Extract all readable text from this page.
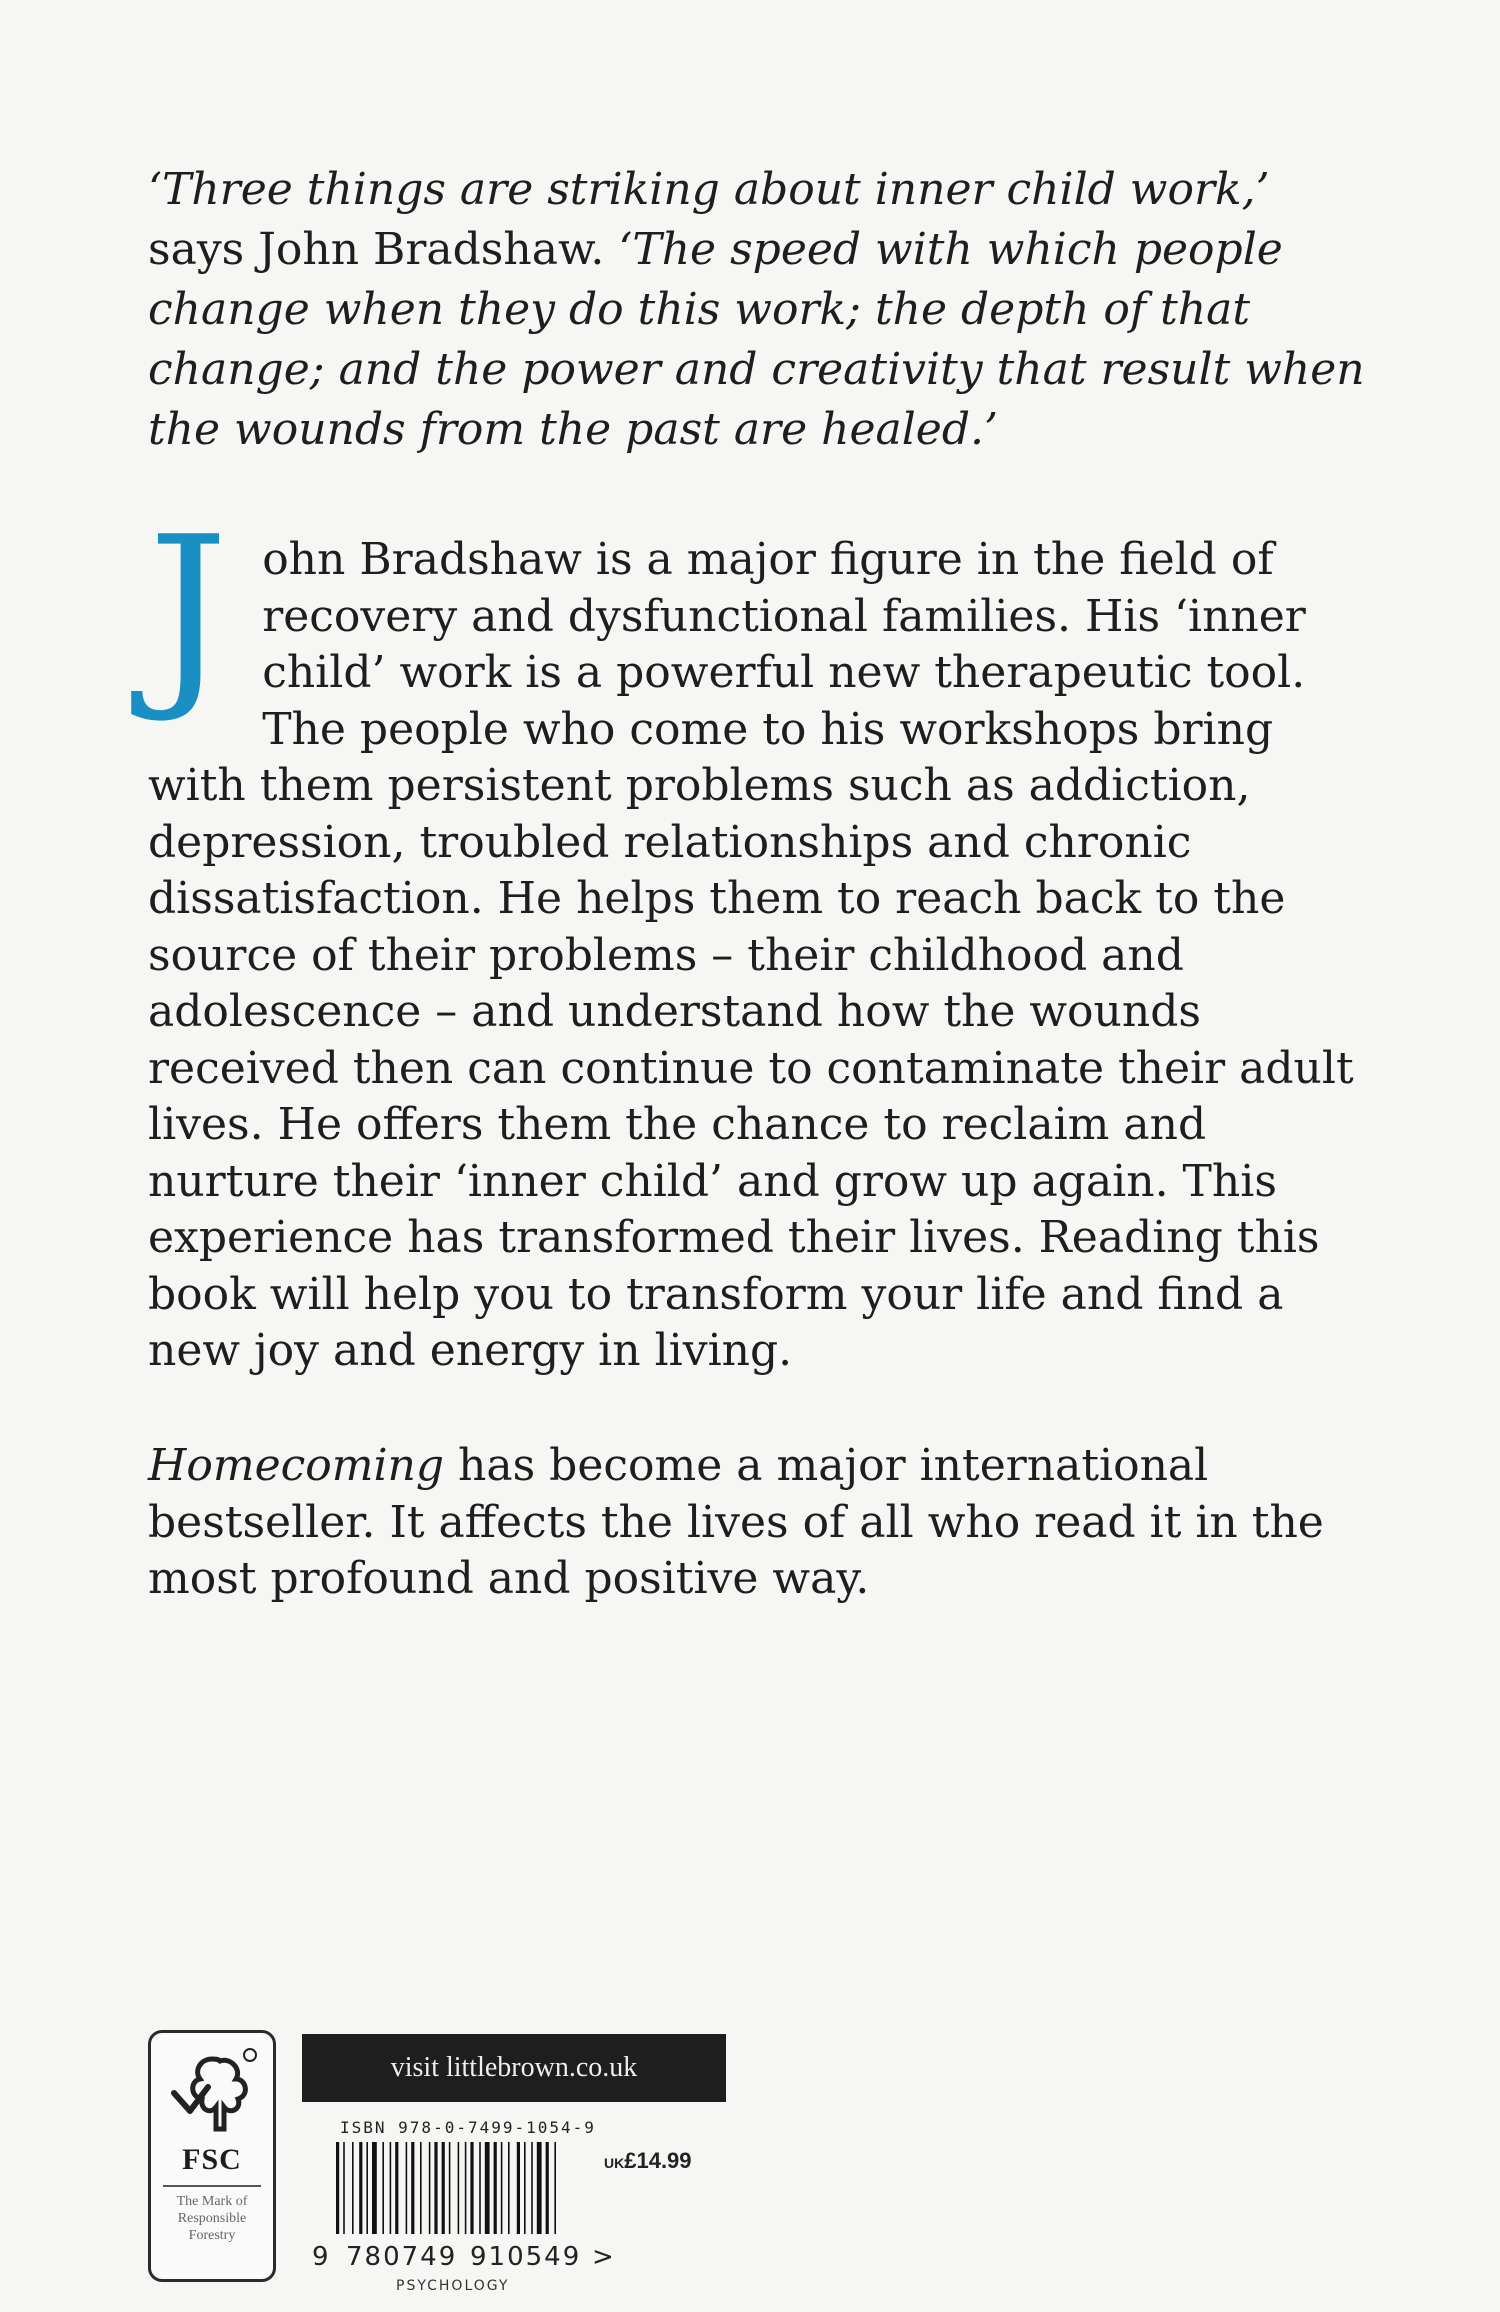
‘Three things are striking about inner child work,’ says John Bradshaw. ‘The speed with which people change when they do this work; the depth of that change; and the power and creativity that result when the wounds from the past are healed.’
John Bradshaw is a major figure in the field of recovery and dysfunctional families. His ‘inner child’ work is a powerful new therapeutic tool. The people who come to his workshops bring with them persistent problems such as addiction, depression, troubled relationships and chronic dissatisfaction. He helps them to reach back to the source of their problems – their childhood and adolescence – and understand how the wounds received then can continue to contaminate their adult lives. He offers them the chance to reclaim and nurture their ‘inner child’ and grow up again. This experience has transformed their lives. Reading this book will help you to transform your life and find a new joy and energy in living.
Homecoming has become a major international bestseller. It affects the lives of all who read it in the most profound and positive way.
FSC
The Mark of
Responsible
Forestry
visit littlebrown.co.uk
ISBN 978-0-7499-1054-9
UK£14.99
9 780749 910549 >
PSYCHOLOGY
